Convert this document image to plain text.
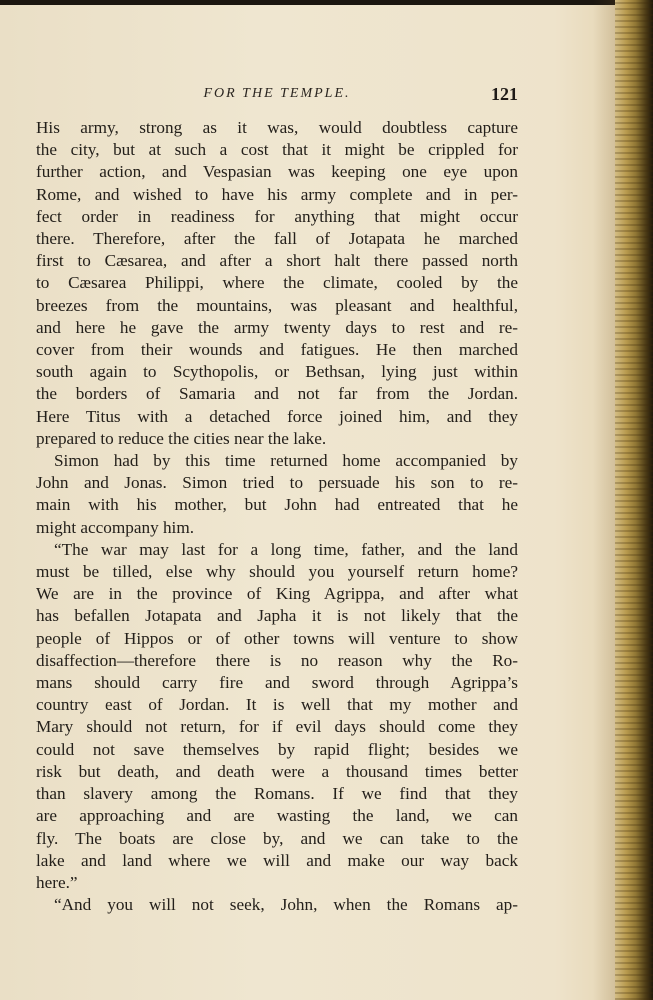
FOR THE TEMPLE.	121
His army, strong as it was, would doubtless capture
the city, but at such a cost that it might be crippled for
further action, and Vespasian was keeping one eye upon
Rome, and wished to have his army complete and in per-
fect order in readiness for anything that might occur
there. Therefore, after the fall of Jotapata he marched
first to Cæsarea, and after a short halt there passed north
to Cæsarea Philippi, where the climate, cooled by the
breezes from the mountains, was pleasant and healthful,
and here he gave the army twenty days to rest and re-
cover from their wounds and fatigues. He then marched
south again to Scythopolis, or Bethsan, lying just within
the borders of Samaria and not far from the Jordan.
Here Titus with a detached force joined him, and they
prepared to reduce the cities near the lake.
Simon had by this time returned home accompanied by
John and Jonas. Simon tried to persuade his son to re-
main with his mother, but John had entreated that he
might accompany him.
“The war may last for a long time, father, and the land
must be tilled, else why should you yourself return home?
We are in the province of King Agrippa, and after what
has befallen Jotapata and Japha it is not likely that the
people of Hippos or of other towns will venture to show
disaffection—therefore there is no reason why the Ro-
mans should carry fire and sword through Agrippa’s
country east of Jordan. It is well that my mother and
Mary should not return, for if evil days should come they
could not save themselves by rapid flight; besides we
risk but death, and death were a thousand times better
than slavery among the Romans. If we find that they
are approaching and are wasting the land, we can
fly. The boats are close by, and we can take to the
lake and land where we will and make our way back
here.”
“And you will not seek, John, when the Romans ap-
